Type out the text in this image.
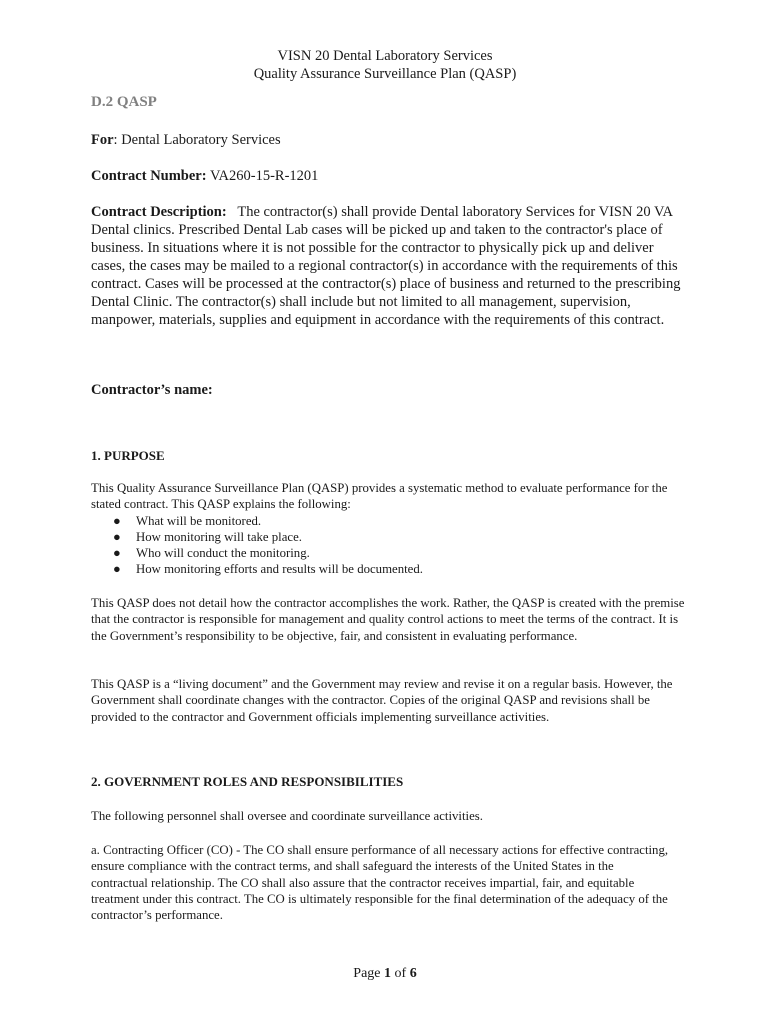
VISN 20 Dental Laboratory Services
Quality Assurance Surveillance Plan (QASP)
D.2 QASP
For: Dental Laboratory Services
Contract Number: VA260-15-R-1201
Contract Description:   The contractor(s) shall provide Dental laboratory Services for VISN 20 VA Dental clinics. Prescribed Dental Lab cases will be picked up and taken to the contractor's place of business. In situations where it is not possible for the contractor to physically pick up and deliver cases, the cases may be mailed to a regional contractor(s) in accordance with the requirements of this contract. Cases will be processed at the contractor(s) place of business and returned to the prescribing Dental Clinic. The contractor(s) shall include but not limited to all management, supervision, manpower, materials, supplies and equipment in accordance with the requirements of this contract.
Contractor’s name:
1. PURPOSE
This Quality Assurance Surveillance Plan (QASP) provides a systematic method to evaluate performance for the stated contract. This QASP explains the following:
● What will be monitored.
● How monitoring will take place.
● Who will conduct the monitoring.
● How monitoring efforts and results will be documented.
This QASP does not detail how the contractor accomplishes the work. Rather, the QASP is created with the premise that the contractor is responsible for management and quality control actions to meet the terms of the contract. It is the Government’s responsibility to be objective, fair, and consistent in evaluating performance.
This QASP is a “living document” and the Government may review and revise it on a regular basis. However, the Government shall coordinate changes with the contractor. Copies of the original QASP and revisions shall be provided to the contractor and Government officials implementing surveillance activities.
2. GOVERNMENT ROLES AND RESPONSIBILITIES
The following personnel shall oversee and coordinate surveillance activities.
a. Contracting Officer (CO) - The CO shall ensure performance of all necessary actions for effective contracting, ensure compliance with the contract terms, and shall safeguard the interests of the United States in the contractual relationship. The CO shall also assure that the contractor receives impartial, fair, and equitable treatment under this contract. The CO is ultimately responsible for the final determination of the adequacy of the contractor’s performance.
Page 1 of 6
